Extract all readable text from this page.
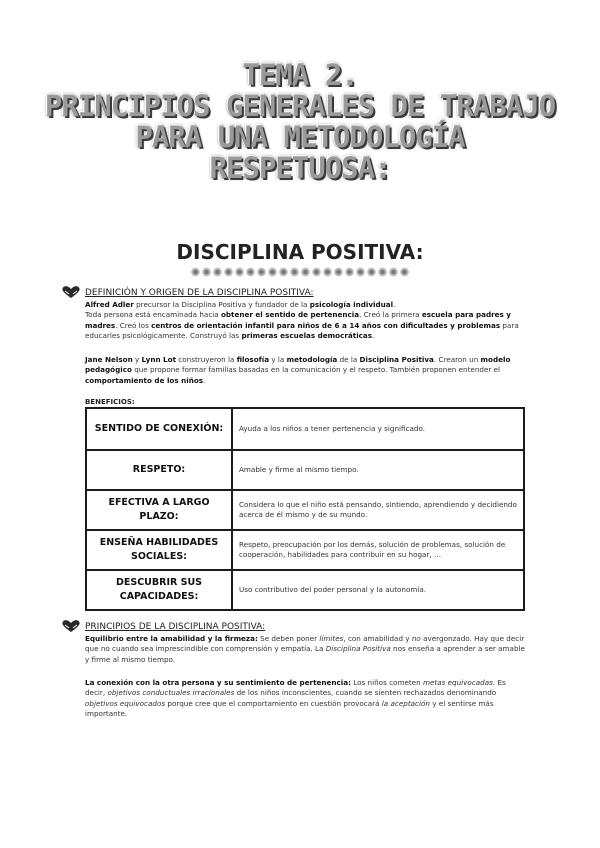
TEMA 2.
PRINCIPIOS GENERALES DE TRABAJO
PARA UNA METODOLOGÍA
RESPETUOSA:
DISCIPLINA POSITIVA:
DEFINICIÓN Y ORIGEN DE LA DISCIPLINA POSITIVA:
Alfred Adler precursor la Disciplina Positiva y fundador de la psicología individual.
Toda persona está encaminada hacia obtener el sentido de pertenencia. Creó la primera escuela para padres y madres. Creó los centros de orientación infantil para niños de 6 a 14 años con dificultades y problemas para educarles psicológicamente. Construyó las primeras escuelas democráticas.
Jane Nelson y Lynn Lot construyeron la filosofía y la metodología de la Disciplina Positiva. Crearon un modelo pedagógico que propone formar familias basadas en la comunicación y el respeto. También proponen entender el comportamiento de los niños.
BENEFICIOS:
SENTIDO DE CONEXIÓN:	Ayuda a los niños a tener pertenencia y significado.
RESPETO:	Amable y firme al mismo tiempo.
EFECTIVA A LARGO PLAZO:	Considera lo que el niño está pensando, sintiendo, aprendiendo y decidiendo acerca de él mismo y de su mundo.
ENSEÑA HABILIDADES SOCIALES:	Respeto, preocupación por los demás, solución de problemas, solución de cooperación, habilidades para contribuir en su hogar, …
DESCUBRIR SUS CAPACIDADES:	Uso contributivo del poder personal y la autonomía.
PRINCIPIOS DE LA DISCIPLINA POSITIVA:
Equilibrio entre la amabilidad y la firmeza: Se deben poner límites, con amabilidad y no avergonzado. Hay que decir que no cuando sea imprescindible con comprensión y empatía. La Disciplina Positiva nos enseña a aprender a ser amable y firme al mismo tiempo.
La conexión con la otra persona y su sentimiento de pertenencia: Los niños cometen metas equivocadas. Es decir, objetivos conductuales irracionales de los niños inconscientes, cuando se sienten rechazados denominando objetivos equivocados porque cree que el comportamiento en cuestión provocará la aceptación y el sentirse más importante.
